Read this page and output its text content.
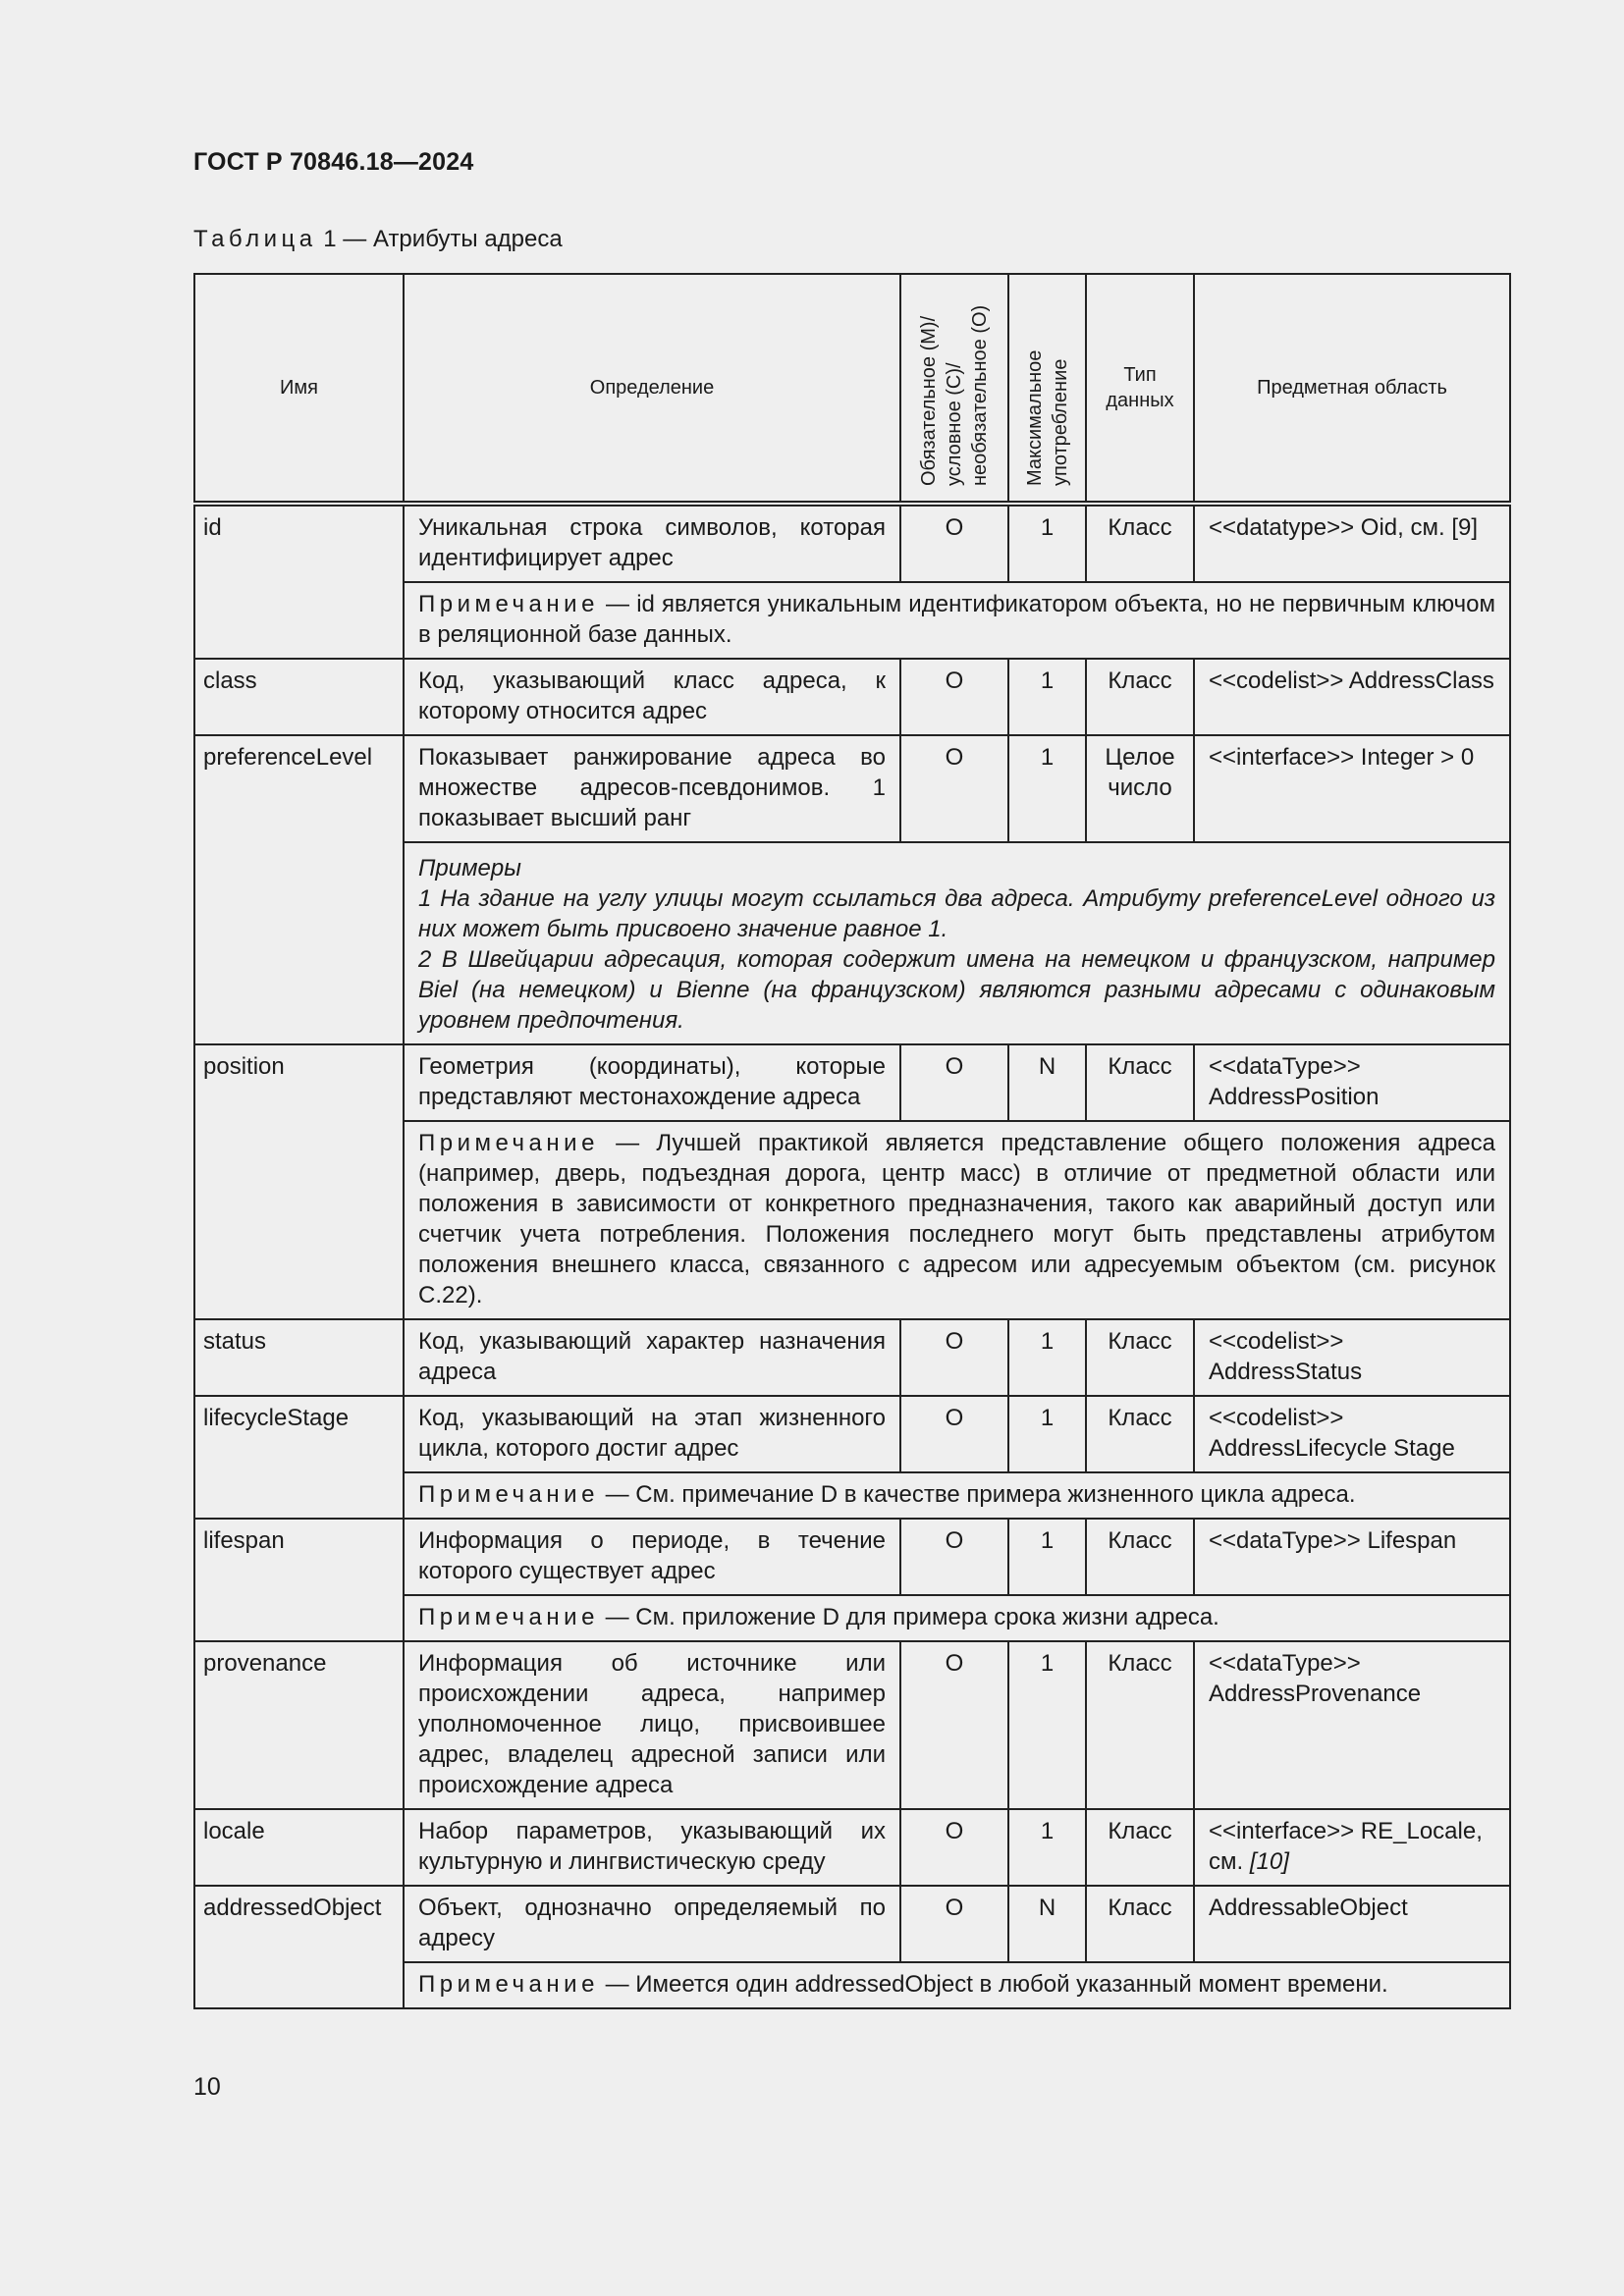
ГОСТ Р 70846.18—2024
Таблица 1 — Атрибуты адреса
Имя	Определение	Обязательное (М)/ условное (С)/ необязательное (О)	Максимальное употребление	Тип данных	Предметная область
id	Уникальная строка символов, которая идентифицирует адрес	O	1	Класс	<<datatype>> Oid, см. [9]
	Примечание — id является уникальным идентификатором объекта, но не первичным ключом в реляционной базе данных.				
class	Код, указывающий класс адреса, к которому относится адрес	O	1	Класс	<<codelist>> AddressClass
preferenceLevel	Показывает ранжирование адреса во множестве адресов-псевдонимов. 1 показывает высший ранг	O	1	Целое число	<<interface>> Integer > 0

	Примеры
1 На здание на углу улицы могут ссылаться два адреса. Атрибуту preferenceLevel одного из них может быть присвоено значение равное 1.
2 В Швейцарии адресация, которая содержит имена на немецком и французском, например Biel (на немецком) и Bienne (на французском) являются разными адресами с одинаковым уровнем предпочтения.				

position	Геометрия (координаты), которые представляют местонахождение адреса	O	N	Класс	<<dataType>> AddressPosition
	Примечание — Лучшей практикой является представление общего положения адреса (например, дверь, подъездная дорога, центр масс) в отличие от предметной области или положения в зависимости от конкретного предназначения, такого как аварийный доступ или счетчик учета потребления. Положения последнего могут быть представлены атрибутом положения внешнего класса, связанного с адресом или адресуемым объектом (см. рисунок С.22).				
status	Код, указывающий характер назначения адреса	O	1	Класс	<<codelist>> AddressStatus
lifecycleStage	Код, указывающий на этап жизненного цикла, которого достиг адрес	O	1	Класс	<<codelist>> AddressLifecycle Stage
	Примечание — См. примечание D в качестве примера жизненного цикла адреса.				
lifespan	Информация о периоде, в течение которого существует адрес	O	1	Класс	<<dataType>> Lifespan
	Примечание — См. приложение D для примера срока жизни адреса.				
provenance	Информация об источнике или происхождении адреса, например уполномоченное лицо, присвоившее адрес, владелец адресной записи или происхождение адреса	O	1	Класс	<<dataType>> AddressProvenance
locale	Набор параметров, указывающий их культурную и лингвистическую среду	O	1	Класс	<<interface>> RE_Locale, см. [10]
addressedObject	Объект, однозначно определяемый по адресу	O	N	Класс	AddressableObject
	Примечание — Имеется один addressedObject в любой указанный момент времени.				
10
